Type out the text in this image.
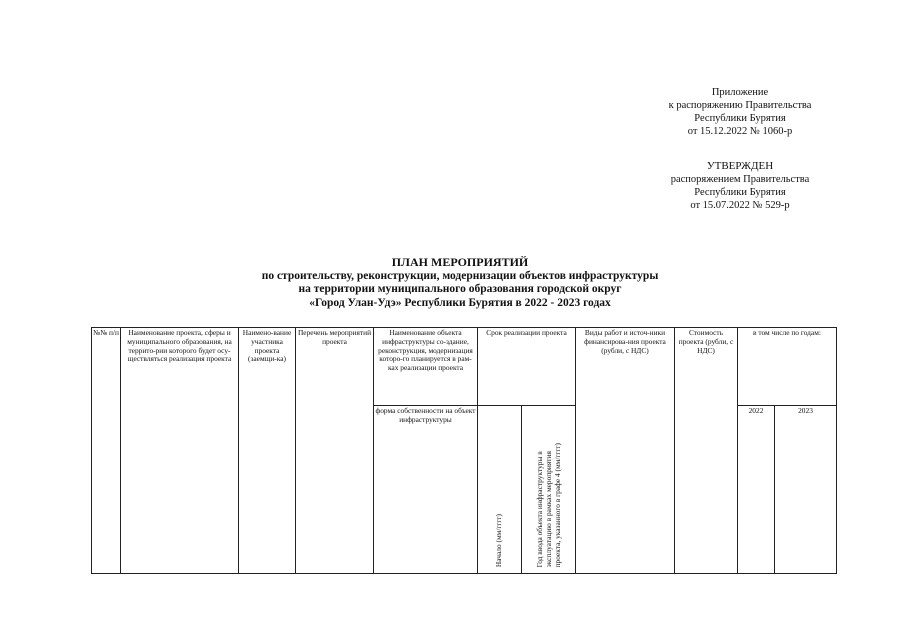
Приложение
к распоряжению Правительства
Республики Бурятия
от 15.12.2022 № 1060-р
УТВЕРЖДЕН
распоряжением Правительства
Республики Бурятия
от 15.07.2022 № 529-р
ПЛАН МЕРОПРИЯТИЙ
по строительству, реконструкции, модернизации объектов инфраструктуры
на территории муниципального образования городской округ
«Город Улан-Удэ» Республики Бурятия в 2022 - 2023 годах
№№ п/п	Наименование проекта, сферы и муниципального образования, на террито-рии которого будет осу-ществляться реализация проекта	Наимено-вание участника проекта (заемщи-ка)	Перечень мероприятий проекта	Наименование объекта инфраструктуры со-здание, реконструкция, модернизация которо-го планируется в рам-ках реализации проекта	Срок реализации проекта		Виды работ и источ-ники финансирова-ния проекта (рубли, с НДС)	Стоимость проекта (рубли, с НДС)	в том числе по годам:	
				форма собственности на объект инфраструктуры	Начало (мм/гггг)	Год ввода объекта инфраструктуры в
эксплуатацию в рамках мероприятия
проекта, указанного в графе 4 (мм/гггг)			2022	2023
